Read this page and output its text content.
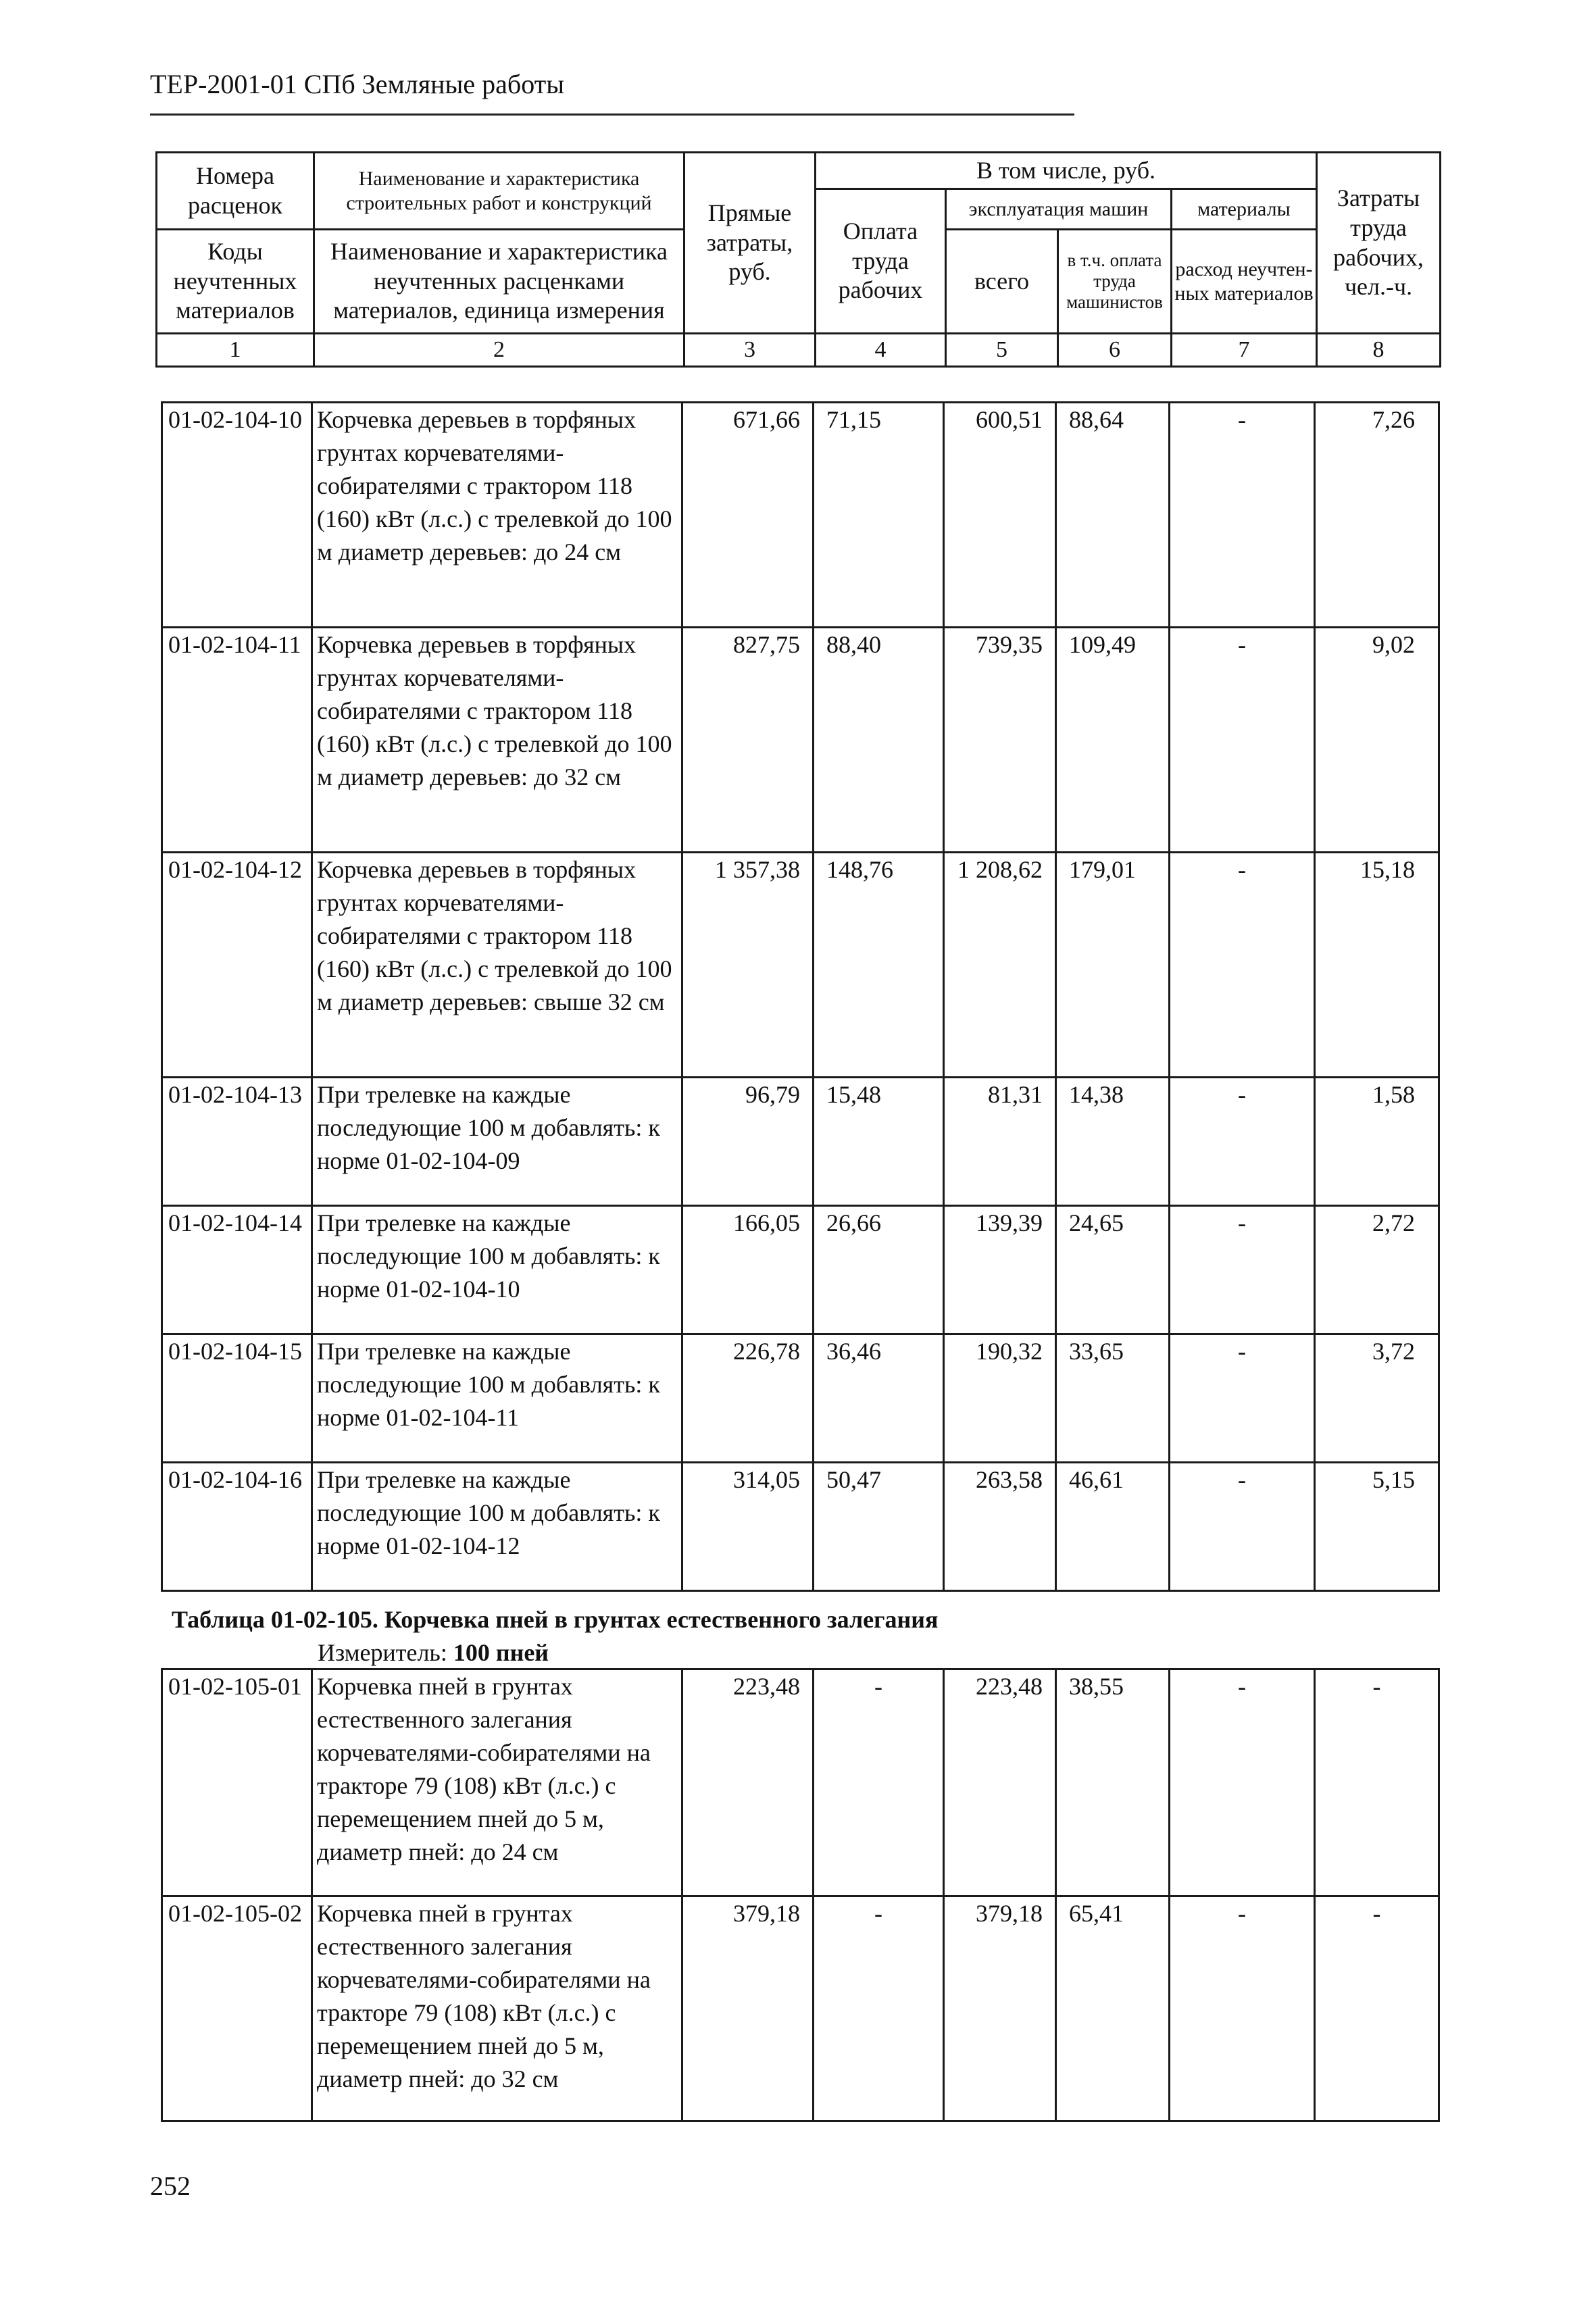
ТЕР-2001-01 СПб Земляные работы
Номера расценок	Наименование и характеристика строительных работ и конструкций	Прямые затраты, руб.	В том числе, руб.				Затраты труда рабочих, чел.-ч.
			Оплата труда рабочих	эксплуатация машин		материалы	
Коды неучтенных материалов	Наименование и характеристика неучтенных расценками материалов, единица измерения			всего	в т.ч. оплата труда машинистов	расход неучтен-ных материалов	

1	2	3	4	5	6	7	8
01-02-104-10	Корчевка деревьев в торфяных грунтах корчевателями-собирателями с трактором 118 (160) кВт (л.с.) с трелевкой до 100 м диаметр деревьев: до 24 см	671,66	71,15	600,51	88,64	-	7,26
01-02-104-11	Корчевка деревьев в торфяных грунтах корчевателями-собирателями с трактором 118 (160) кВт (л.с.) с трелевкой до 100 м диаметр деревьев: до 32 см	827,75	88,40	739,35	109,49	-	9,02
01-02-104-12	Корчевка деревьев в торфяных грунтах корчевателями-собирателями с трактором 118 (160) кВт (л.с.) с трелевкой до 100 м диаметр деревьев: свыше 32 см	1 357,38	148,76	1 208,62	179,01	-	15,18
01-02-104-13	При трелевке на каждые последующие 100 м добавлять: к норме 01-02-104-09	96,79	15,48	81,31	14,38	-	1,58
01-02-104-14	При трелевке на каждые последующие 100 м добавлять: к норме 01-02-104-10	166,05	26,66	139,39	24,65	-	2,72
01-02-104-15	При трелевке на каждые последующие 100 м добавлять: к норме 01-02-104-11	226,78	36,46	190,32	33,65	-	3,72
01-02-104-16	При трелевке на каждые последующие 100 м добавлять: к норме 01-02-104-12	314,05	50,47	263,58	46,61	-	5,15
Таблица 01-02-105. Корчевка пней в грунтах естественного залегания
Измеритель: 100 пней
01-02-105-01	Корчевка пней в грунтах естественного залегания корчевателями-собирателями на тракторе 79 (108) кВт (л.с.) с перемещением пней до 5 м, диаметр пней: до 24 см	223,48	-	223,48	38,55	-	-
01-02-105-02	Корчевка пней в грунтах естественного залегания корчевателями-собирателями на тракторе 79 (108) кВт (л.с.) с перемещением пней до 5 м, диаметр пней: до 32 см	379,18	-	379,18	65,41	-	-
252
